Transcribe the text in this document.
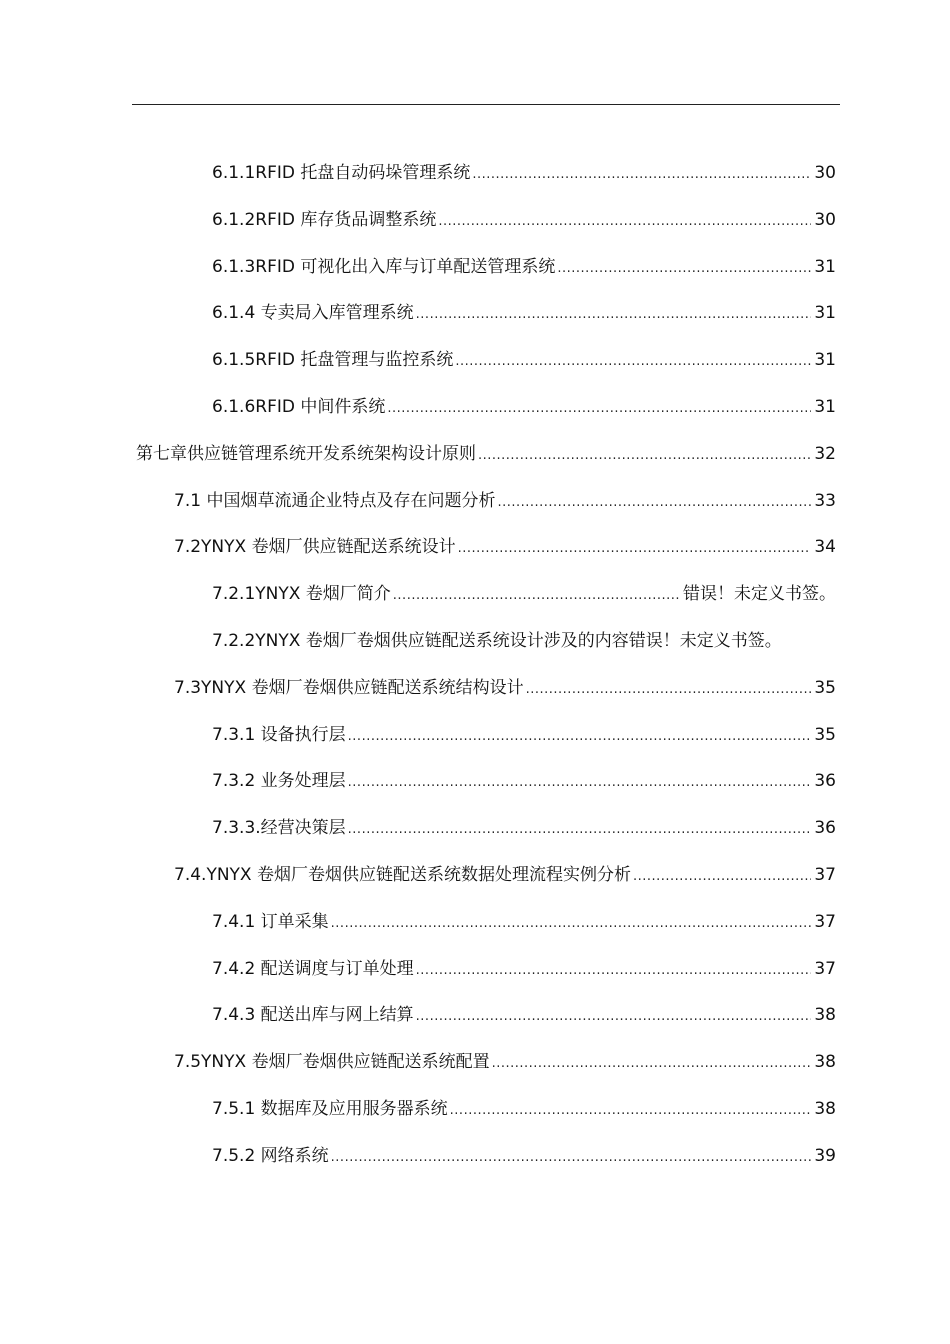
6.1.1RFID 托盘自动码垛管理系统 .....	30
6.1.2RFID 库存货品调整系统 .....	30
6.1.3RFID 可视化出入库与订单配送管理系统 .....	31
6.1.4 专卖局入库管理系统 .....	31
6.1.5RFID 托盘管理与监控系统 .....	31
6.1.6RFID 中间件系统 .....	31
第七章供应链管理系统开发系统架构设计原则 .....	32
7.1 中国烟草流通企业特点及存在问题分析 .....	33
7.2YNYX 卷烟厂供应链配送系统设计 .....	34
7.2.1YNYX 卷烟厂简介 .....	错误！未定义书签。
7.2.2YNYX 卷烟厂卷烟供应链配送系统设计涉及的内容 错误！未定义书签。
7.3YNYX 卷烟厂卷烟供应链配送系统结构设计 .....	35
7.3.1 设备执行层 .....	35
7.3.2 业务处理层 .....	36
7.3.3.经营决策层 .....	36
7.4.YNYX 卷烟厂卷烟供应链配送系统数据处理流程实例分析 .....	37
7.4.1 订单采集 .....	37
7.4.2 配送调度与订单处理 .....	37
7.4.3 配送出库与网上结算 .....	38
7.5YNYX 卷烟厂卷烟供应链配送系统配置 .....	38
7.5.1 数据库及应用服务器系统 .....	38
7.5.2 网络系统 .....	39
